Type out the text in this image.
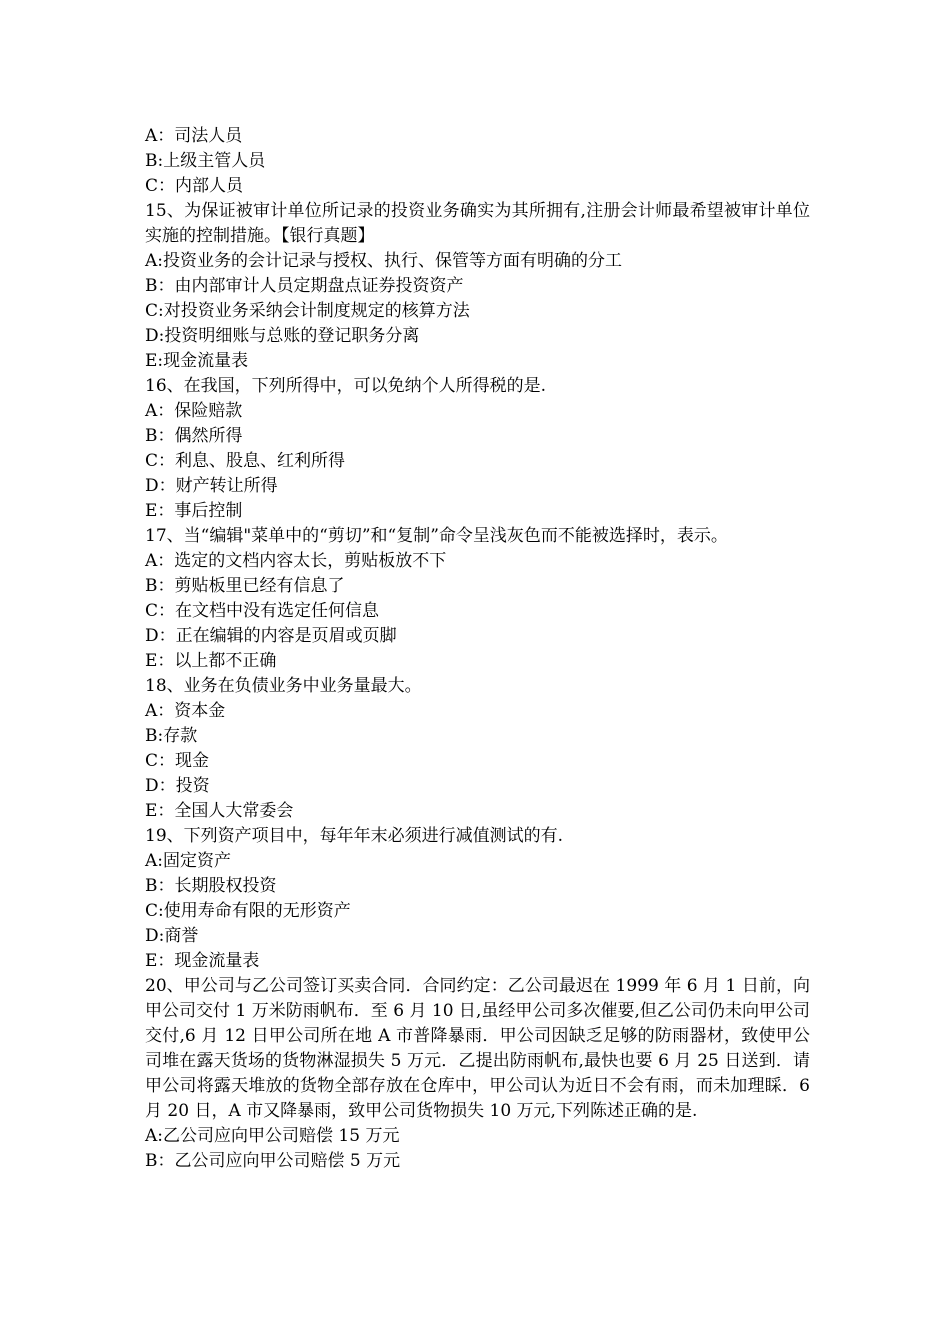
A：司法人员
B:上级主管人员
C：内部人员
15、为保证被审计单位所记录的投资业务确实为其所拥有,注册会计师最希望被审计单位实施的控制措施。【银行真题】
A:投资业务的会计记录与授权、执行、保管等方面有明确的分工
B：由内部审计人员定期盘点证券投资资产
C:对投资业务采纳会计制度规定的核算方法
D:投资明细账与总账的登记职务分离
E:现金流量表
16、在我国，下列所得中，可以免纳个人所得税的是.
A：保险赔款
B：偶然所得
C：利息、股息、红利所得
D：财产转让所得
E：事后控制
17、当“编辑"菜单中的“剪切”和“复制”命令呈浅灰色而不能被选择时，表示。
A：选定的文档内容太长，剪贴板放不下
B：剪贴板里已经有信息了
C：在文档中没有选定任何信息
D：正在编辑的内容是页眉或页脚
E：以上都不正确
18、业务在负债业务中业务量最大。
A：资本金
B:存款
C：现金
D：投资
E：全国人大常委会
19、下列资产项目中，每年年末必须进行减值测试的有.
A:固定资产
B：长期股权投资
C:使用寿命有限的无形资产
D:商誉
E：现金流量表
20、甲公司与乙公司签订买卖合同．合同约定：乙公司最迟在 1999 年 6 月 1 日前，向甲公司交付 1 万米防雨帆布．至 6 月 10 日,虽经甲公司多次催要,但乙公司仍未向甲公司交付,6 月 12 日甲公司所在地 A 市普降暴雨．甲公司因缺乏足够的防雨器材，致使甲公司堆在露天货场的货物淋湿损失 5 万元．乙提出防雨帆布,最快也要 6 月 25 日送到．请甲公司将露天堆放的货物全部存放在仓库中，甲公司认为近日不会有雨，而未加理睬．6 月 20 日，A 市又降暴雨，致甲公司货物损失 10 万元,下列陈述正确的是.
A:乙公司应向甲公司赔偿 15 万元
B：乙公司应向甲公司赔偿 5 万元
